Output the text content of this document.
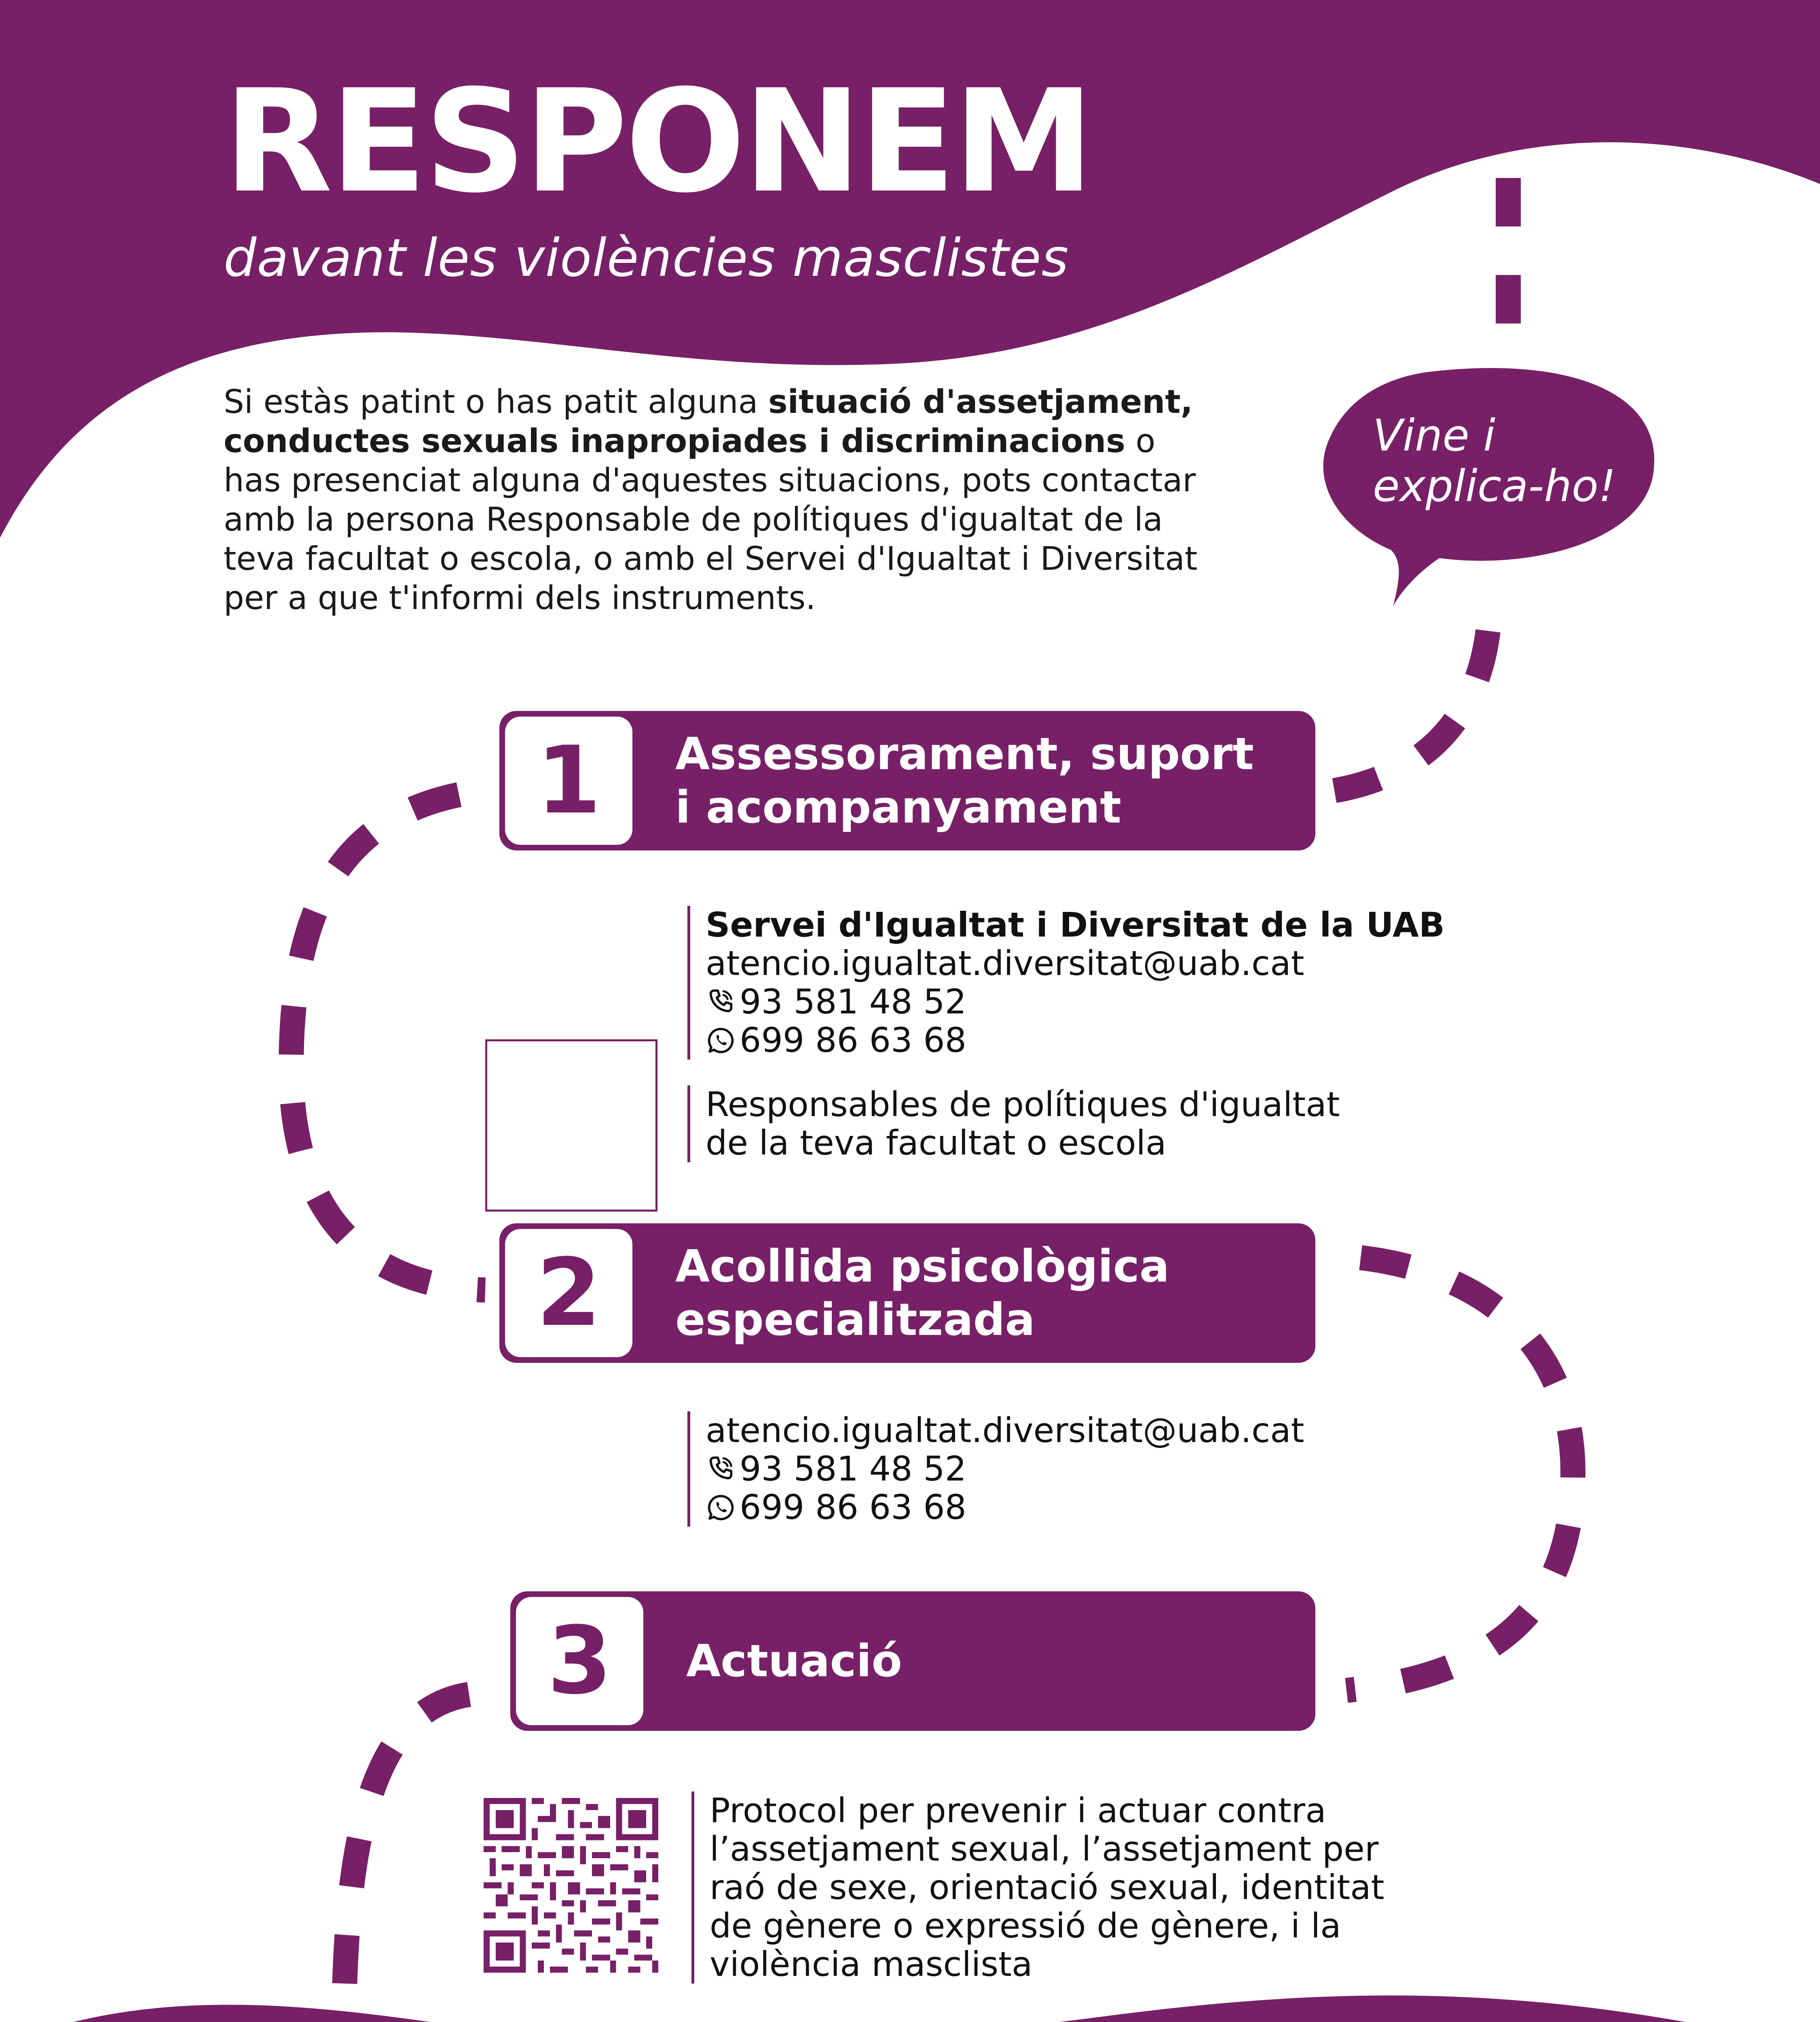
RESPONEM
davant les violències masclistes

Si estàs patint o has patit alguna situació d'assetjament, conductes sexuals inapropiades i discriminacions o has presenciat alguna d'aquestes situacions, pots contactar amb la persona Responsable de polítiques d'igualtat de la teva facultat o escola, o amb el Servei d'Igualtat i Diversitat per a que t'informi dels instruments.

Vine i
explica-ho!
1 Assessorament, suport
i acompanyament
Servei d'Igualtat i Diversitat de la UAB
atencio.igualtat.diversitat@uab.cat
93 581 48 52
699 86 63 68
Responsables de polítiques d'igualtat
de la teva facultat o escola
2 Acollida psicològica
especialitzada
atencio.igualtat.diversitat@uab.cat
93 581 48 52
699 86 63 68
3 Actuació
Protocol per prevenir i actuar contra
l’assetjament sexual, l’assetjament per
raó de sexe, orientació sexual, identitat
de gènere o expressió de gènere, i la
violència masclista
